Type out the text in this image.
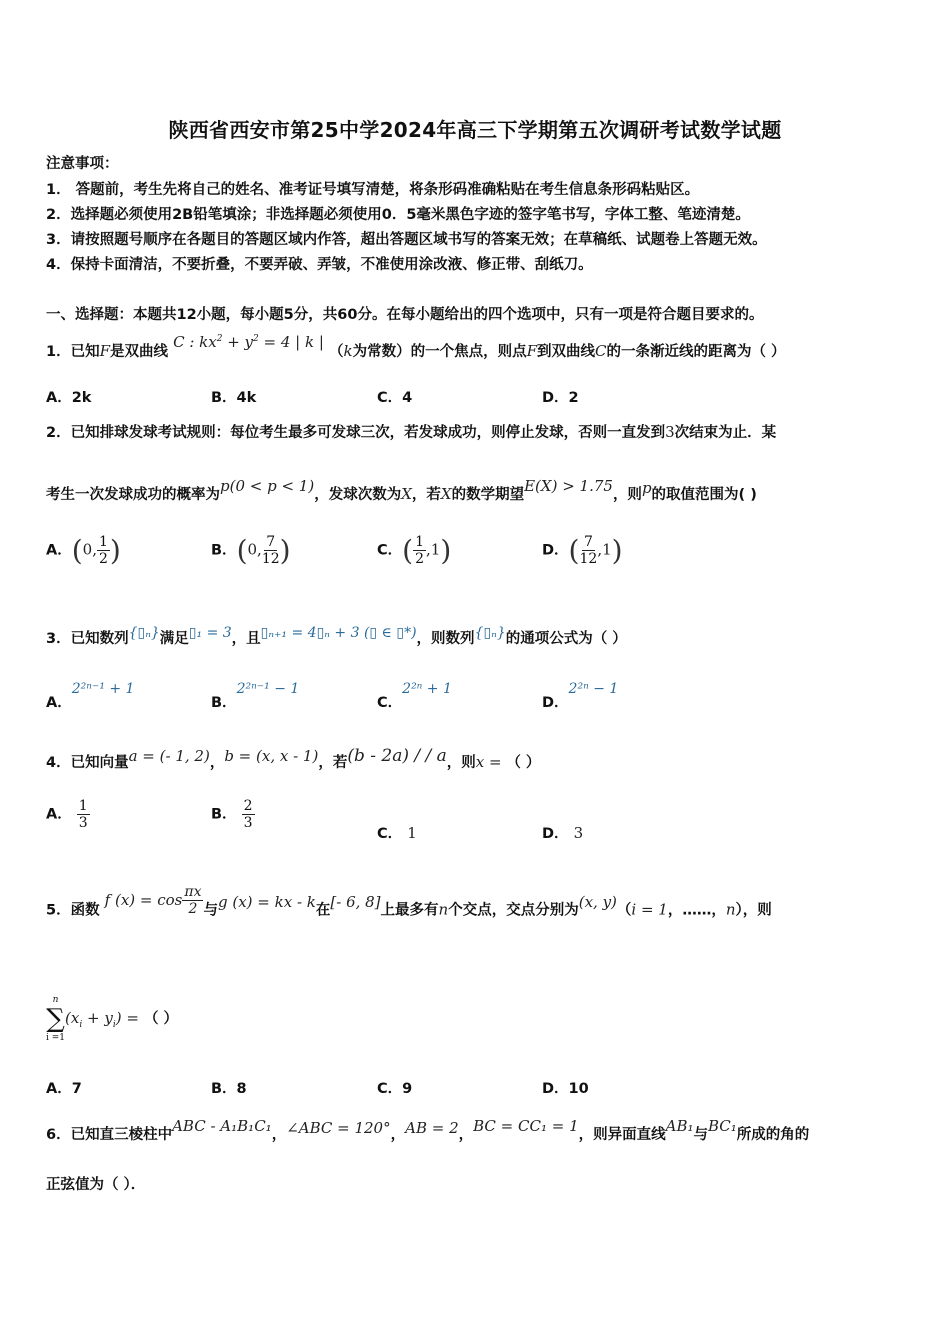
陕西省西安市第25中学2024年高三下学期第五次调研考试数学试题
注意事项：
1． 答题前，考生先将自己的姓名、准考证号填写清楚，将条形码准确粘贴在考生信息条形码粘贴区。
2．选择题必须使用2B铅笔填涂；非选择题必须使用0．5毫米黑色字迹的签字笔书写，字体工整、笔迹清楚。
3．请按照题号顺序在各题目的答题区域内作答，超出答题区域书写的答案无效；在草稿纸、试题卷上答题无效。
4．保持卡面清洁，不要折叠，不要弄破、弄皱，不准使用涂改液、修正带、刮纸刀。
一、选择题：本题共12小题，每小题5分，共60分。在每小题给出的四个选项中，只有一项是符合题目要求的。
1．已知F是双曲线 C : $kx^2 + y^2 = 4$ | k | （k为常数）的一个焦点，则点F到双曲线C的一条渐近线的距离为（ ）
A．2k	B．4k	C．4	D．2
2．已知排球发球考试规则：每位考生最多可发球三次，若发球成功，则停止发球，否则一直发到3次结束为止．某
考生一次发球成功的概率为p(0 < p < 1)，发球次数为X，若X的数学期望E(X) > 1.75，则p的取值范围为( )
A．(0, $\frac{1}{2}$ )	B．(0, $\frac{7}{12}$ )	C．( $\frac{1}{2} ,1$)	D．( $\frac{7}{12} ,1$)
3．已知数列{▯ₙ}满足▯₁ = 3，且▯ₙ₊₁ = 4▯ₙ + 3 (▯ ∈ ▯*)，则数列{▯ₙ}的通项公式为（ ）
A．2²ⁿ⁻¹ + 1
B．2²ⁿ⁻¹ − 1
C．2²ⁿ + 1
D．2²ⁿ − 1
4．已知向量a = (- 1, 2)，b = (x, x - 1)，若(b - 2a) / / a，则x = （ ）
A． $\frac{1}{3}$	B． $\frac{2}{3}$
C． 1	D． 3
5．函数 f $(x) = \cos \frac{\pi x}{2}$ 与g (x) = kx - k在[- 6, 8]上最多有n个交点，交点分别为(x, y)（i = 1，……，n），则
n
∑
i =1
$(x_i + y_i)$ = （ ）
A．7	B．8	C．9	D．10
6．已知直三棱柱中ABC - A₁B₁C₁，∠ABC = 120°，AB = 2，BC = CC₁ = 1，则异面直线AB₁与BC₁所成的角的
正弦值为（ ）．
